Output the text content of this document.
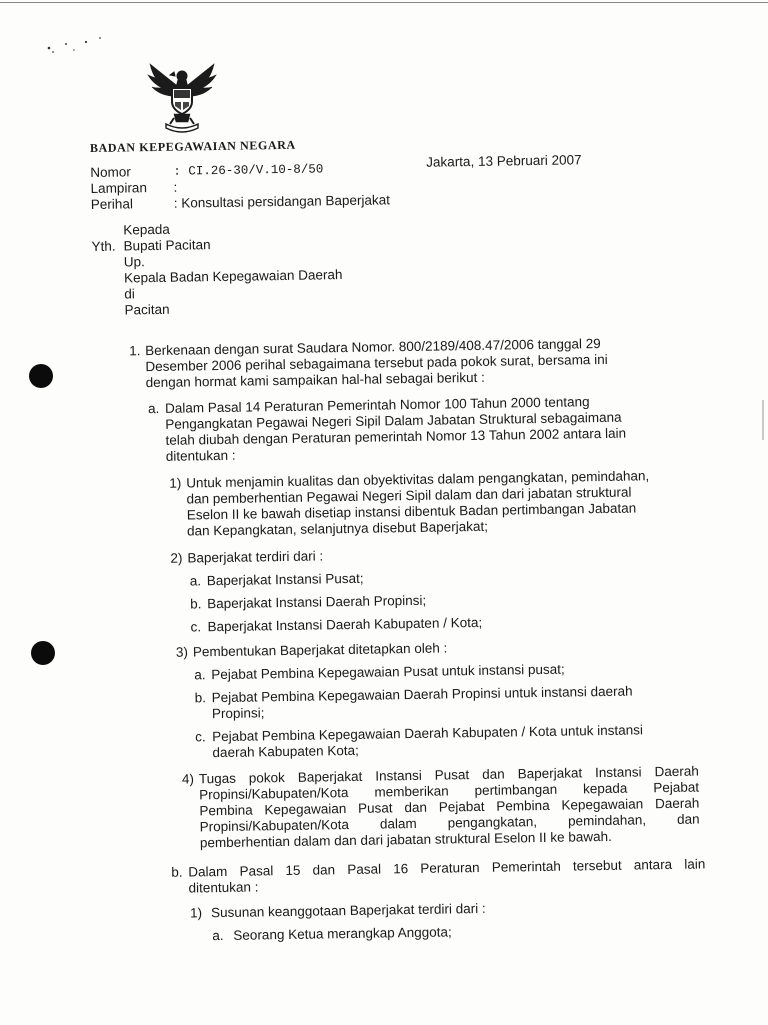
BADAN KEPEGAWAIAN NEGARA
Nomor	: CI.26-30/V.10-8/50
Jakarta, 13 Pebruari 2007
Lampiran :
Perihal	: Konsultasi persidangan Baperjakat
Kepada
Yth. Bupati Pacitan
Up.
Kepala Badan Kepegawaian Daerah
di
Pacitan
1. Berkenaan dengan surat Saudara Nomor. 800/2189/408.47/2006 tanggal 29
Desember 2006 perihal sebagaimana tersebut pada pokok surat, bersama ini
dengan hormat kami sampaikan hal-hal sebagai berikut :
a. Dalam Pasal 14 Peraturan Pemerintah Nomor 100 Tahun 2000 tentang
Pengangkatan Pegawai Negeri Sipil Dalam Jabatan Struktural sebagaimana
telah diubah dengan Peraturan pemerintah Nomor 13 Tahun 2002 antara lain
ditentukan :
1) Untuk menjamin kualitas dan obyektivitas dalam pengangkatan, pemindahan,
dan pemberhentian Pegawai Negeri Sipil dalam dan dari jabatan struktural
Eselon II ke bawah disetiap instansi dibentuk Badan pertimbangan Jabatan
dan Kepangkatan, selanjutnya disebut Baperjakat;
2) Baperjakat terdiri dari :
a. Baperjakat Instansi Pusat;
b. Baperjakat Instansi Daerah Propinsi;
c. Baperjakat Instansi Daerah Kabupaten / Kota;
3) Pembentukan Baperjakat ditetapkan oleh :
a. Pejabat Pembina Kepegawaian Pusat untuk instansi pusat;
b. Pejabat Pembina Kepegawaian Daerah Propinsi untuk instansi daerah
Propinsi;
c. Pejabat Pembina Kepegawaian Daerah Kabupaten / Kota untuk instansi
daerah Kabupaten Kota;
4) Tugas pokok Baperjakat Instansi Pusat dan Baperjakat Instansi Daerah
Propinsi/Kabupaten/Kota memberikan pertimbangan kepada Pejabat
Pembina Kepegawaian Pusat dan Pejabat Pembina Kepegawaian Daerah
Propinsi/Kabupaten/Kota dalam pengangkatan, pemindahan, dan
pemberhentian dalam dan dari jabatan struktural Eselon II ke bawah.
b. Dalam Pasal 15 dan Pasal 16 Peraturan Pemerintah tersebut antara lain
ditentukan :
1) Susunan keanggotaan Baperjakat terdiri dari :
a. Seorang Ketua merangkap Anggota;
